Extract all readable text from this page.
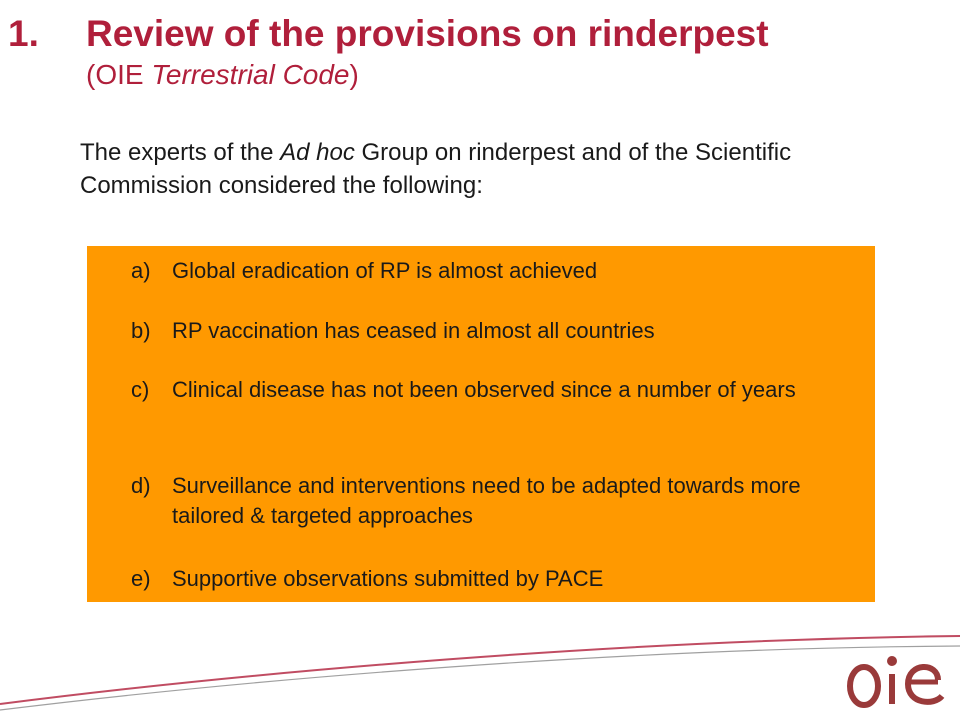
1.	Review of the provisions on rinderpest
(OIE Terrestrial Code)
The experts of the Ad hoc Group on rinderpest and of the Scientific Commission considered the following:
a) Global eradication of RP is almost achieved
b) RP vaccination has ceased in almost all countries
c)	Clinical disease has not been observed since a number of years
d) Surveillance and interventions need to be adapted towards more tailored & targeted approaches
e) Supportive observations submitted by PACE
